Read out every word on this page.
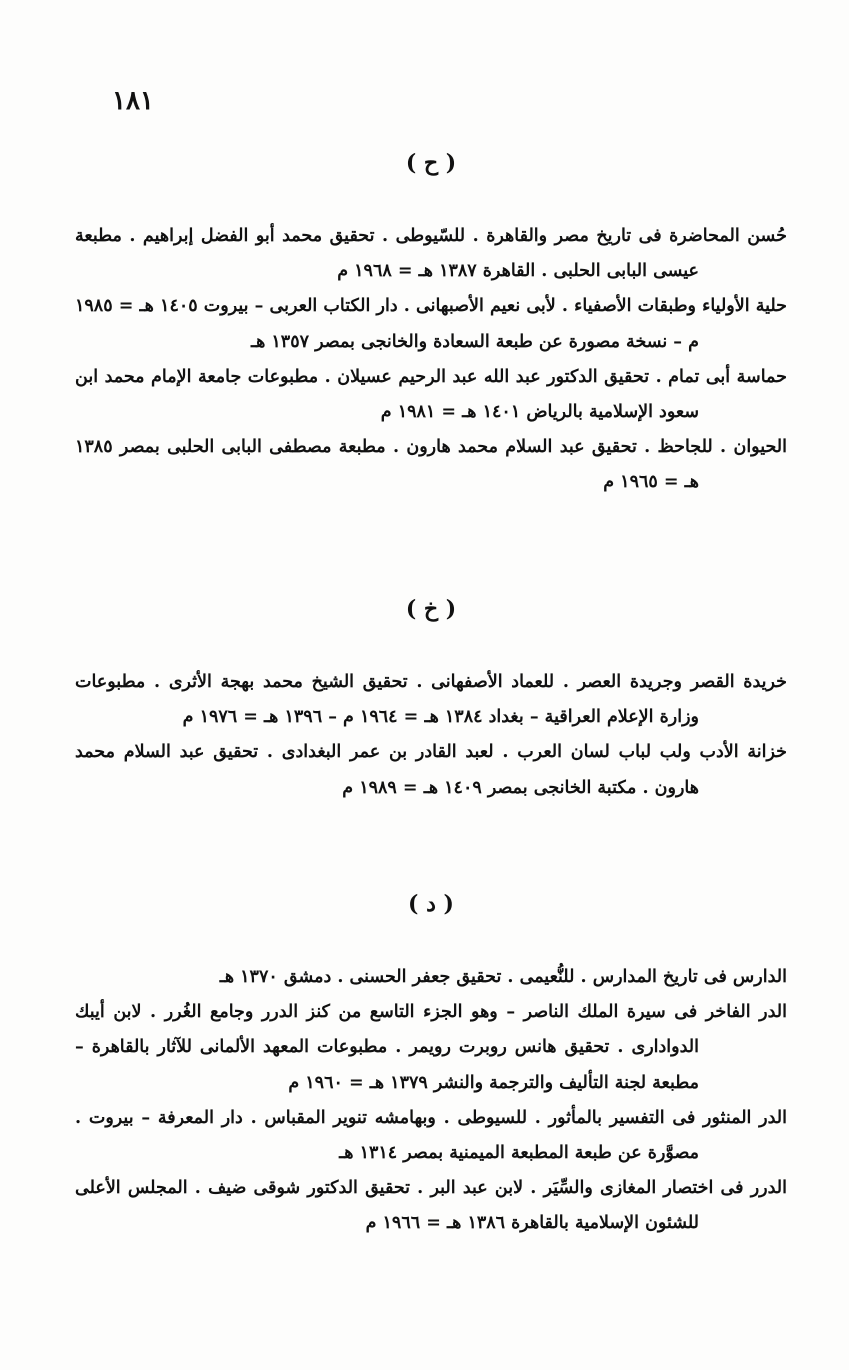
١٨١
( ح )

حُسن المحاضرة فى تاريخ مصر والقاهرة . للسّيوطى . تحقيق محمد أبو الفضل إبراهيم . مطبعة عيسى البابى الحلبى . القاهرة ١٣٨٧ هـ = ١٩٦٨ م

حلية الأولياء وطبقات الأصفياء . لأبى نعيم الأصبهانى . دار الكتاب العربى – بيروت ١٤٠٥ هـ = ١٩٨٥ م – نسخة مصورة عن طبعة السعادة والخانجى بمصر ١٣٥٧ هـ

حماسة أبى تمام . تحقيق الدكتور عبد الله عبد الرحيم عسيلان . مطبوعات جامعة الإمام محمد ابن سعود الإسلامية بالرياض ١٤٠١ هـ = ١٩٨١ م

الحيوان . للجاحظ . تحقيق عبد السلام محمد هارون . مطبعة مصطفى البابى الحلبى بمصر ١٣٨٥ هـ = ١٩٦٥ م

( خ )

خريدة القصر وجريدة العصر . للعماد الأصفهانى . تحقيق الشيخ محمد بهجة الأثرى . مطبوعات وزارة الإعلام العراقية – بغداد ١٣٨٤ هـ = ١٩٦٤ م – ١٣٩٦ هـ = ١٩٧٦ م

خزانة الأدب ولب لباب لسان العرب . لعبد القادر بن عمر البغدادى . تحقيق عبد السلام محمد هارون . مكتبة الخانجى بمصر ١٤٠٩ هـ = ١٩٨٩ م

( د )

الدارس فى تاريخ المدارس . للنُّعيمى . تحقيق جعفر الحسنى . دمشق ١٣٧٠ هـ

الدر الفاخر فى سيرة الملك الناصر – وهو الجزء التاسع من كنز الدرر وجامع الغُرر . لابن أيبك الدوادارى . تحقيق هانس روبرت رويمر . مطبوعات المعهد الألمانى للآثار بالقاهرة – مطبعة لجنة التأليف والترجمة والنشر ١٣٧٩ هـ = ١٩٦٠ م

الدر المنثور فى التفسير بالمأثور . للسيوطى . وبهامشه تنوير المقباس . دار المعرفة – بيروت . مصوَّرة عن طبعة المطبعة الميمنية بمصر ١٣١٤ هـ

الدرر فى اختصار المغازى والسِّيَر . لابن عبد البر . تحقيق الدكتور شوقى ضيف . المجلس الأعلى للشئون الإسلامية بالقاهرة ١٣٨٦ هـ = ١٩٦٦ م
